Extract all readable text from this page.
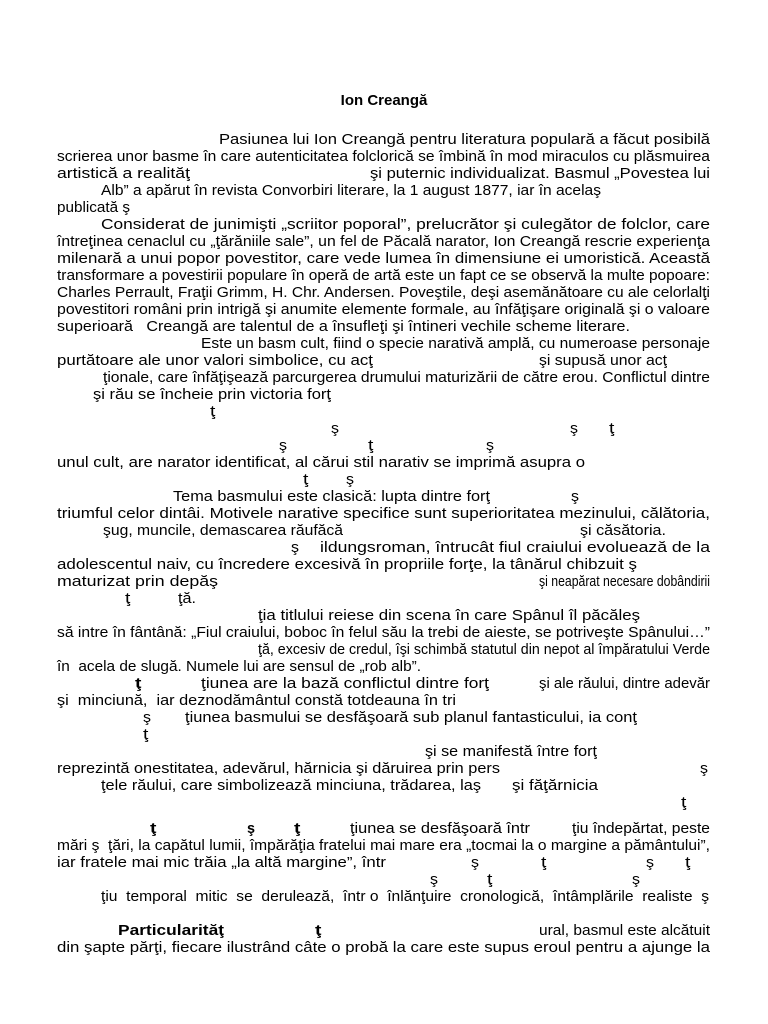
Ion Creangă
Pasiunea lui Ion Creangă pentru literatura populară a făcut posibilă
scrierea unor basme în care autenticitatea folclorică se îmbină în mod miraculos cu plăsmuirea
artistică a realităţ	şi puternic individualizat. Basmul „Povestea lui
Alb” a apărut în revista Convorbiri literare, la 1 august 1877, iar în acelaş
publicată ş
Considerat de junimişti „scriitor poporal”, prelucrător şi culegător de folclor, care
întreţinea cenaclul cu „ţărăniile sale”, un fel de Păcală narator, Ion Creangă rescrie experienţa
milenară a unui popor povestitor, care vede lumea în dimensiune ei umoristică. Această
transformare a povestirii populare în operă de artă este un fapt ce se observă la multe popoare:
Charles Perrault, Fraţii Grimm, H. Chr. Andersen. Poveştile, deşi asemănătoare cu ale celorlalţi
povestitori români prin intrigă şi anumite elemente formale, au înfăţişare originală şi o valoare
superioară   Creangă are talentul de a însufleţi şi întineri vechile scheme literare.
Este un basm cult, fiind o specie narativă amplă, cu numeroase personaje
purtătoare ale unor valori simbolice, cu acţ	şi supusă unor acţ
ţionale, care înfăţişează parcurgerea drumului maturizării de către erou. Conflictul dintre
şi rău se încheie prin victoria forţ
ţ
ş	ş ţ
ş	ţ	ş
unul cult, are narator identificat, al cărui stil narativ se imprimă asupra o
ţ	ş
Tema basmului este clasică: lupta dintre forţ	ş
triumful celor dintâi. Motivele narative specifice sunt superioritatea mezinului, călătoria,
şug, muncile, demascarea răufăcă	şi căsătoria.
ş ildungsroman, întrucât fiul craiului evoluează de la
adolescentul naiv, cu încredere excesivă în propriile forţe, la tânărul chibzuit ş
maturizat prin depăş	şi neapărat necesare dobândirii
ţ	ţă.
ţia titlului reiese din scena în care Spânul îl păcăleş
să intre în fântână: „Fiul craiului, boboc în felul său la trebi de aieste, se potriveşte Spânului…”
ţă, excesiv de credul, îşi schimbă statutul din nepot al împăratului Verde
în  acela de slugă. Numele lui are sensul de „rob alb”.
ţ	ţiunea are la bază conflictul dintre forţ	şi ale răului, dintre adevăr
şi  minciună,  iar deznodământul constă totdeauna în tri
ş ţiunea basmului se desfăşoară sub planul fantasticului, ia conţ
ţ
şi se manifestă între forţ
reprezintă onestitatea, adevărul, hărnicia şi dăruirea prin pers	ş
ţele răului, care simbolizează minciuna, trădarea, laş şi făţărnicia
ţ
ţ	ş	ţ	ţiunea se desfăşoară într	ţiu îndepărtat, peste
mări ş  ţări, la capătul lumii, împărăţia fratelui mai mare era „tocmai la o margine a pământului”,
iar fratele mai mic trăia „la altă margine”, într	ş	ţ	ş ţ
ş	ţ	ş
ţiu  temporal  mitic  se  derulează,  într o  înlănţuire  cronologică,  întâmplările  realiste  ş
Particularităţ	ţ	ural, basmul este alcătuit
din şapte părţi, fiecare ilustrând câte o probă la care este supus eroul pentru a ajunge la
